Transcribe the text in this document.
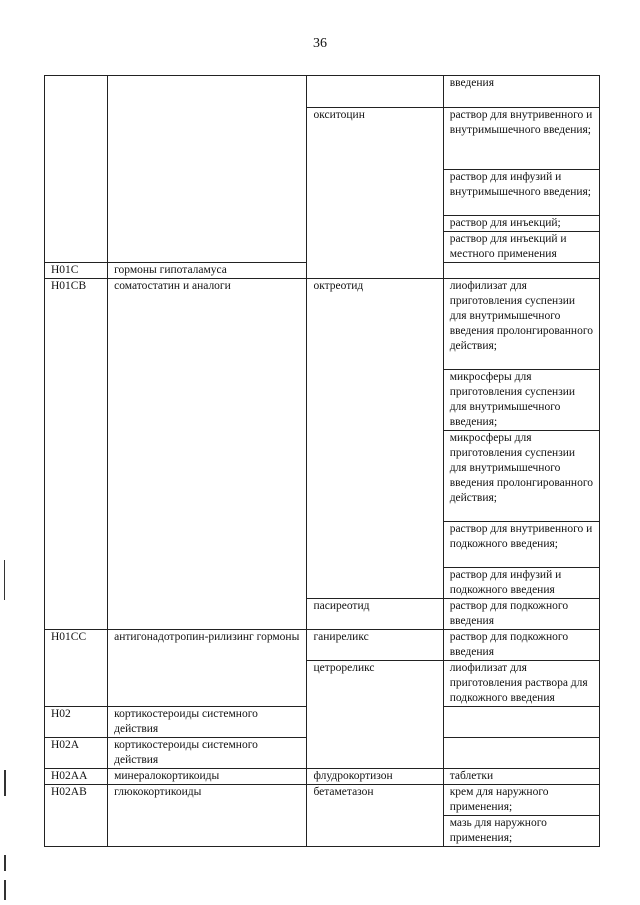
36
			введения
		окситоцин	раствор для внутривенного и внутримышечного введения;
			раствор для инфузий и внутримышечного введения;
			раствор для инъекций;
			раствор для инъекций и местного применения
H01C	гормоны гипоталамуса		
H01CB	соматостатин и аналоги	октреотид	лиофилизат для приготовления суспензии для внутримышечного введения пролонгированного действия;
			микросферы для приготовления суспензии для внутримышечного введения;
			микросферы для приготовления суспензии для внутримышечного введения пролонгированного действия;
			раствор для внутривенного и подкожного введения;
			раствор для инфузий и подкожного введения
		пасиреотид	раствор для подкожного введения
H01CC	антигонадотропин-рилизинг гормоны	ганиреликс	раствор для подкожного введения
		цетрореликс	лиофилизат для приготовления раствора для подкожного введения
H02	кортикостероиды системного действия		
H02A	кортикостероиды системного действия		
H02AA	минералокортикоиды	флудрокортизон	таблетки
H02AB	глюкокортикоиды	бетаметазон	крем для наружного применения;
			мазь для наружного применения;
